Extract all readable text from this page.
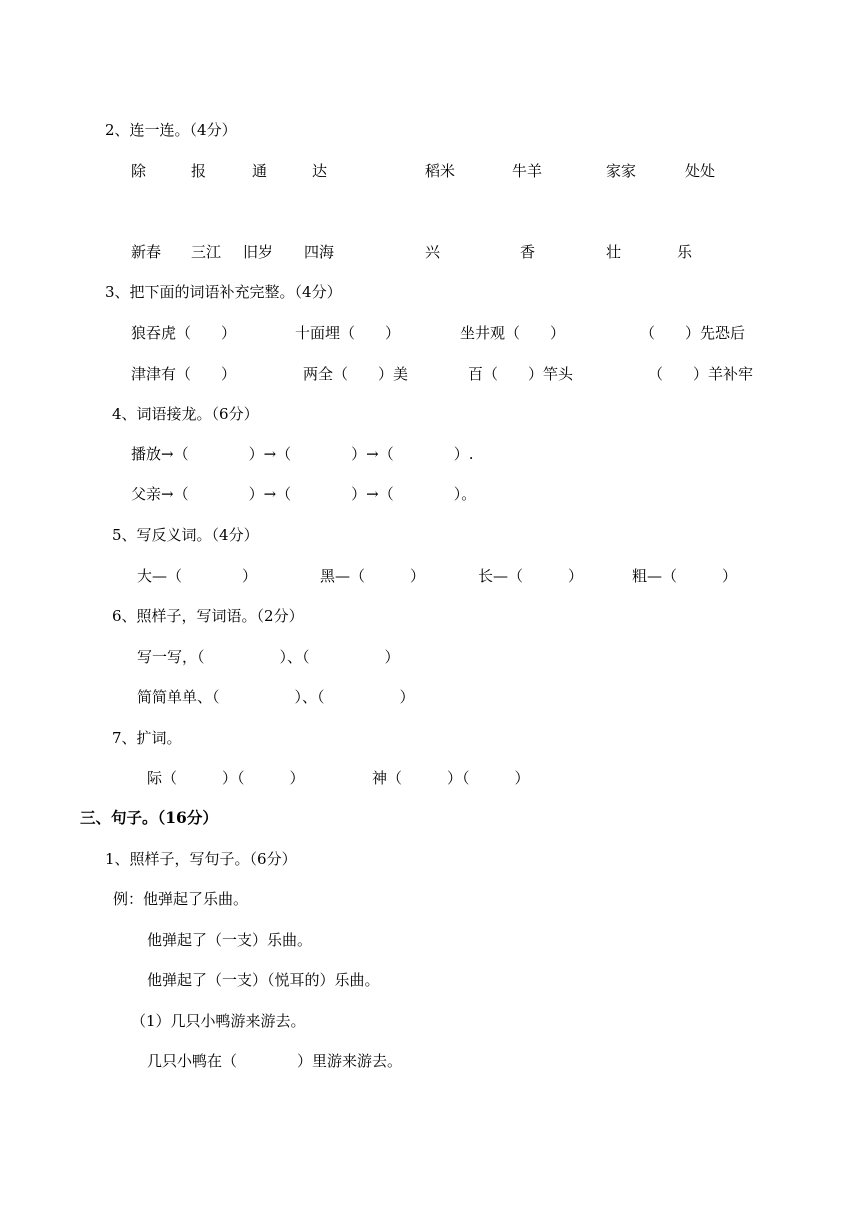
2、连一连。（4分）
除	报	通	达	稻米	牛羊	家家	处处
新春 三江 旧岁 四海	兴	香	壮	乐
3、把下面的词语补充完整。（4分）
狼吞虎（　　）	十面埋（　　）	坐井观（　　）	（　　）先恐后
津津有（　　）	两全（　　）美	百（　　）竿头	（　　）羊补牢
4、词语接龙。（6分）
播放→（　　　　）→（　　　　）→（　　　　）.
父亲→（　　　　）→（　　　　）→（　　　　）。
5、写反义词。（4分）
大—（　　　　）	黑—（　　　）	长—（　　　）	粗—（　　　）
6、照样子，写词语。（2分）
写一写，（　　　　　）、（　　　　　）
简简单单、（　　　　　）、（　　　　　）
7、扩词。
际（　　　）（　　　）	神（　　　）（　　　）
三、句子。（16分）
1、照样子，写句子。（6分）
例：他弹起了乐曲。
他弹起了（一支）乐曲。
他弹起了（一支）（悦耳的）乐曲。
（1）几只小鸭游来游去。
几只小鸭在（　　　　）里游来游去。
